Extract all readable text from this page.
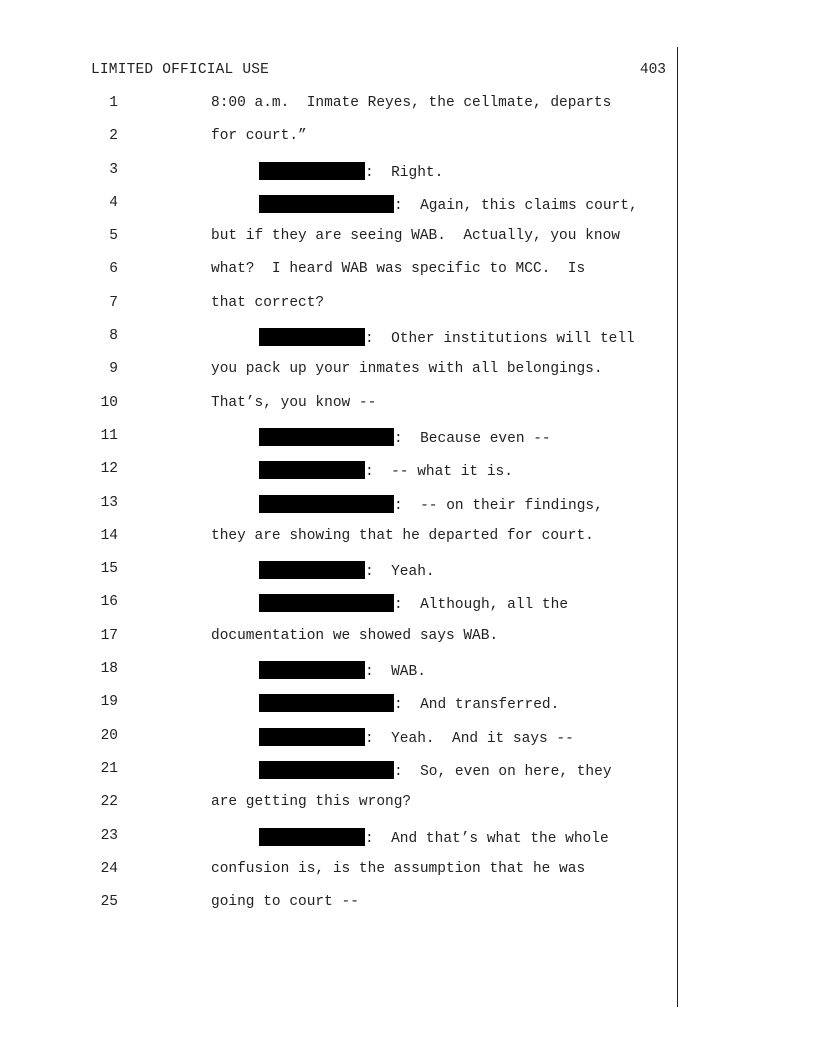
LIMITED OFFICIAL USE	403
1	8:00 a.m.  Inmate Reyes, the cellmate, departs
2	for court.”
3	:  Right.
4	:  Again, this claims court,
5	but if they are seeing WAB.  Actually, you know
6	what?  I heard WAB was specific to MCC.  Is
7	that correct?
8	:  Other institutions will tell
9	you pack up your inmates with all belongings.
10	That’s, you know --
11	:  Because even --
12	:  -- what it is.
13	:  -- on their findings,
14	they are showing that he departed for court.
15	:  Yeah.
16	:  Although, all the
17	documentation we showed says WAB.
18	:  WAB.
19	:  And transferred.
20	:  Yeah.  And it says --
21	:  So, even on here, they
22	are getting this wrong?
23	:  And that’s what the whole
24	confusion is, is the assumption that he was
25	going to court --
